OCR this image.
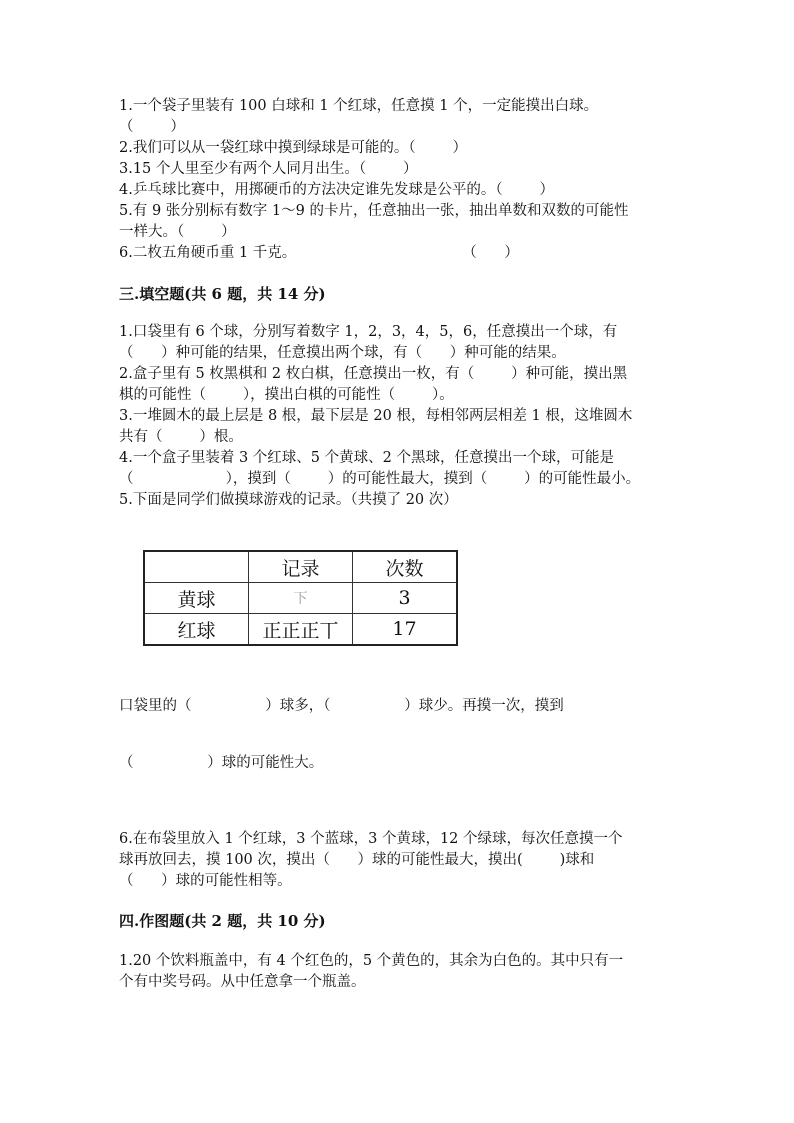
1.一个袋子里装有 100 白球和 1 个红球，任意摸 1 个，一定能摸出白球。
（        ）
2.我们可以从一袋红球中摸到绿球是可能的。（        ）
3.15 个人里至少有两个人同月出生。（        ）
4.乒乓球比赛中，用掷硬币的方法决定谁先发球是公平的。（        ）
5.有 9 张分别标有数字 1～9 的卡片，任意抽出一张，抽出单数和双数的可能性
一样大。（        ）
6.二枚五角硬币重 1 千克。                                    （      ）
三.填空题(共 6 题，共 14 分)
1.口袋里有 6 个球，分别写着数字 1，2，3，4，5，6，任意摸出一个球，有
（      ）种可能的结果，任意摸出两个球，有（      ）种可能的结果。
2.盒子里有 5 枚黑棋和 2 枚白棋，任意摸出一枚，有（        ）种可能，摸出黑
棋的可能性（        ），摸出白棋的可能性（        ）。
3.一堆圆木的最上层是 8 根，最下层是 20 根，每相邻两层相差 1 根，这堆圆木
共有（        ）根。
4.一个盒子里装着 3 个红球、5 个黄球、2 个黑球，任意摸出一个球，可能是
（                    ），摸到（        ）的可能性最大，摸到（        ）的可能性最小。
5.下面是同学们做摸球游戏的记录。（共摸了 20 次）
	记录	次数
黄球	下	3
红球	正正正丅	17
口袋里的（                ）球多，（                ）球少。再摸一次，摸到
（                ）球的可能性大。
6.在布袋里放入 1 个红球，3 个蓝球，3 个黄球，12 个绿球，每次任意摸一个
球再放回去，摸 100 次，摸出（      ）球的可能性最大，摸出(        )球和
（      ）球的可能性相等。
四.作图题(共 2 题，共 10 分)
1.20 个饮料瓶盖中，有 4 个红色的，5 个黄色的，其余为白色的。其中只有一
个有中奖号码。从中任意拿一个瓶盖。
